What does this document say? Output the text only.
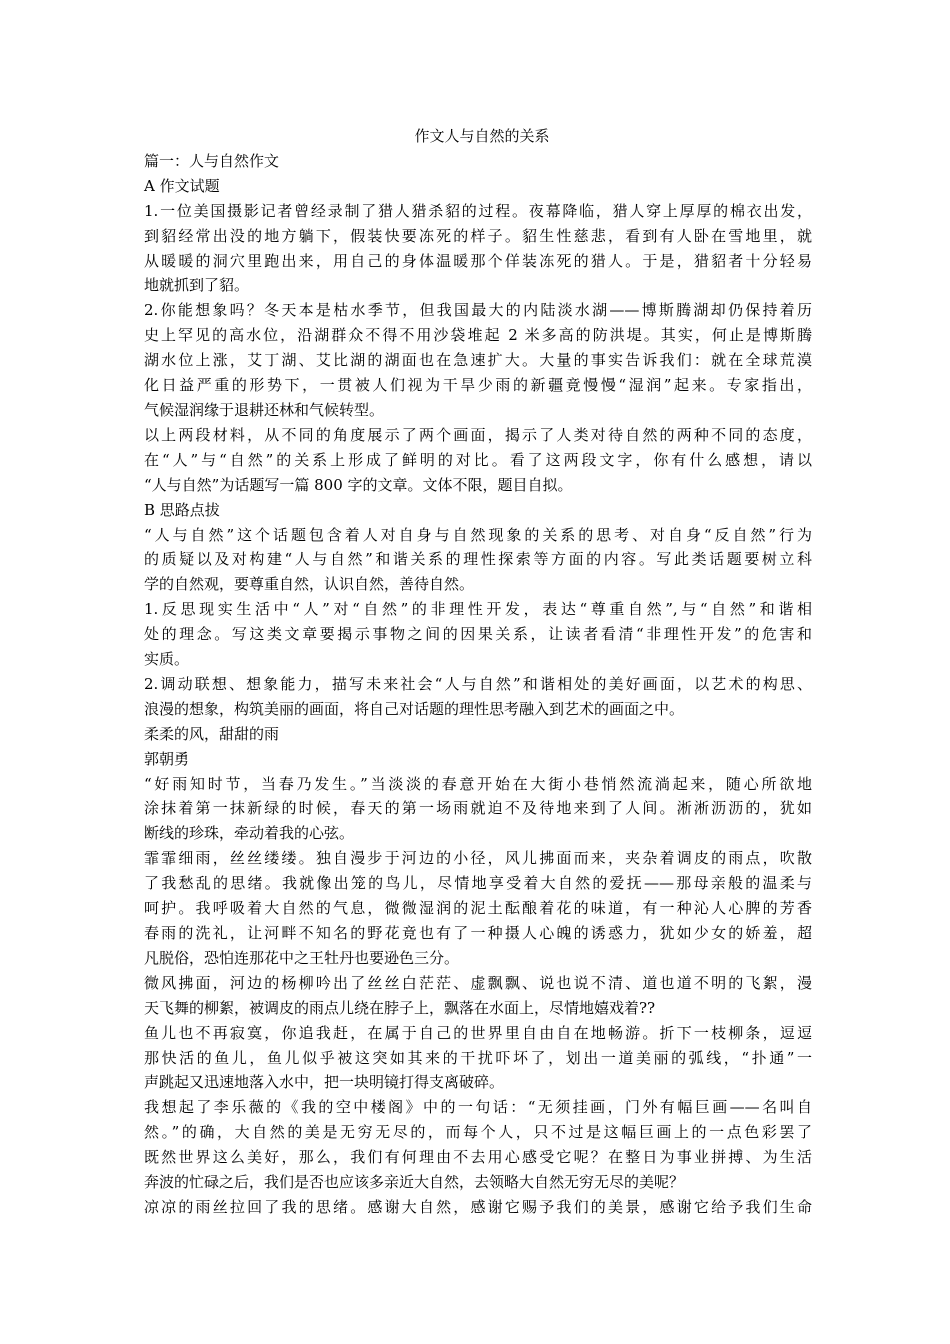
作文人与自然的关系

篇一：人与自然作文

A 作文试题

1.一位美国摄影记者曾经录制了猎人猎杀貂的过程。夜幕降临，猎人穿上厚厚的棉衣出发，

到貂经常出没的地方躺下，假装快要冻死的样子。貂生性慈悲，看到有人卧在雪地里，就

从暖暖的洞穴里跑出来，用自己的身体温暖那个佯装冻死的猎人。于是，猎貂者十分轻易

地就抓到了貂。

2.你能想象吗？冬天本是枯水季节，但我国最大的内陆淡水湖——博斯腾湖却仍保持着历

史上罕见的高水位，沿湖群众不得不用沙袋堆起 2 米多高的防洪堤。其实，何止是博斯腾

湖水位上涨，艾丁湖、艾比湖的湖面也在急速扩大。大量的事实告诉我们：就在全球荒漠

化日益严重的形势下，一贯被人们视为干旱少雨的新疆竟慢慢“湿润”起来。专家指出，

气候湿润缘于退耕还林和气候转型。

以上两段材料，从不同的角度展示了两个画面，揭示了人类对待自然的两种不同的态度，

在“人”与“自然”的关系上形成了鲜明的对比。看了这两段文字，你有什么感想，请以

“人与自然”为话题写一篇 800 字的文章。文体不限，题目自拟。

B 思路点拔

“人与自然”这个话题包含着人对自身与自然现象的关系的思考、对自身“反自然”行为

的质疑以及对构建“人与自然”和谐关系的理性探索等方面的内容。写此类话题要树立科

学的自然观，要尊重自然，认识自然，善待自然。

1.反思现实生活中“人”对“自然”的非理性开发，表达“尊重自然”,与“自然”和谐相

处的理念。写这类文章要揭示事物之间的因果关系，让读者看清“非理性开发”的危害和

实质。

2.调动联想、想象能力，描写未来社会“人与自然”和谐相处的美好画面，以艺术的构思、

浪漫的想象，构筑美丽的画面，将自己对话题的理性思考融入到艺术的画面之中。

柔柔的风，甜甜的雨

郭朝勇

“好雨知时节，当春乃发生。”当淡淡的春意开始在大街小巷悄然流淌起来，随心所欲地

涂抹着第一抹新绿的时候，春天的第一场雨就迫不及待地来到了人间。淅淅沥沥的，犹如

断线的珍珠，牵动着我的心弦。

霏霏细雨，丝丝缕缕。独自漫步于河边的小径，风儿拂面而来，夹杂着调皮的雨点，吹散

了我愁乱的思绪。我就像出笼的鸟儿，尽情地享受着大自然的爱抚——那母亲般的温柔与

呵护。我呼吸着大自然的气息，微微湿润的泥土酝酿着花的味道，有一种沁人心脾的芳香

春雨的洗礼，让河畔不知名的野花竟也有了一种摄人心魄的诱惑力，犹如少女的娇羞，超

凡脱俗，恐怕连那花中之王牡丹也要逊色三分。

微风拂面，河边的杨柳吟出了丝丝白茫茫、虚飘飘、说也说不清、道也道不明的飞絮，漫

天飞舞的柳絮，被调皮的雨点儿绕在脖子上，飘落在水面上，尽情地嬉戏着??

鱼儿也不再寂寞，你追我赶，在属于自己的世界里自由自在地畅游。折下一枝柳条，逗逗

那快活的鱼儿，鱼儿似乎被这突如其来的干扰吓坏了，划出一道美丽的弧线，“扑通”一

声跳起又迅速地落入水中，把一块明镜打得支离破碎。

我想起了李乐薇的《我的空中楼阁》中的一句话：“无须挂画，门外有幅巨画——名叫自

然。”的确，大自然的美是无穷无尽的，而每个人，只不过是这幅巨画上的一点色彩罢了

既然世界这么美好，那么，我们有何理由不去用心感受它呢？在整日为事业拼搏、为生活

奔波的忙碌之后，我们是否也应该多亲近大自然，去领略大自然无穷无尽的美呢？

凉凉的雨丝拉回了我的思绪。感谢大自然，感谢它赐予我们的美景，感谢它给予我们生命
